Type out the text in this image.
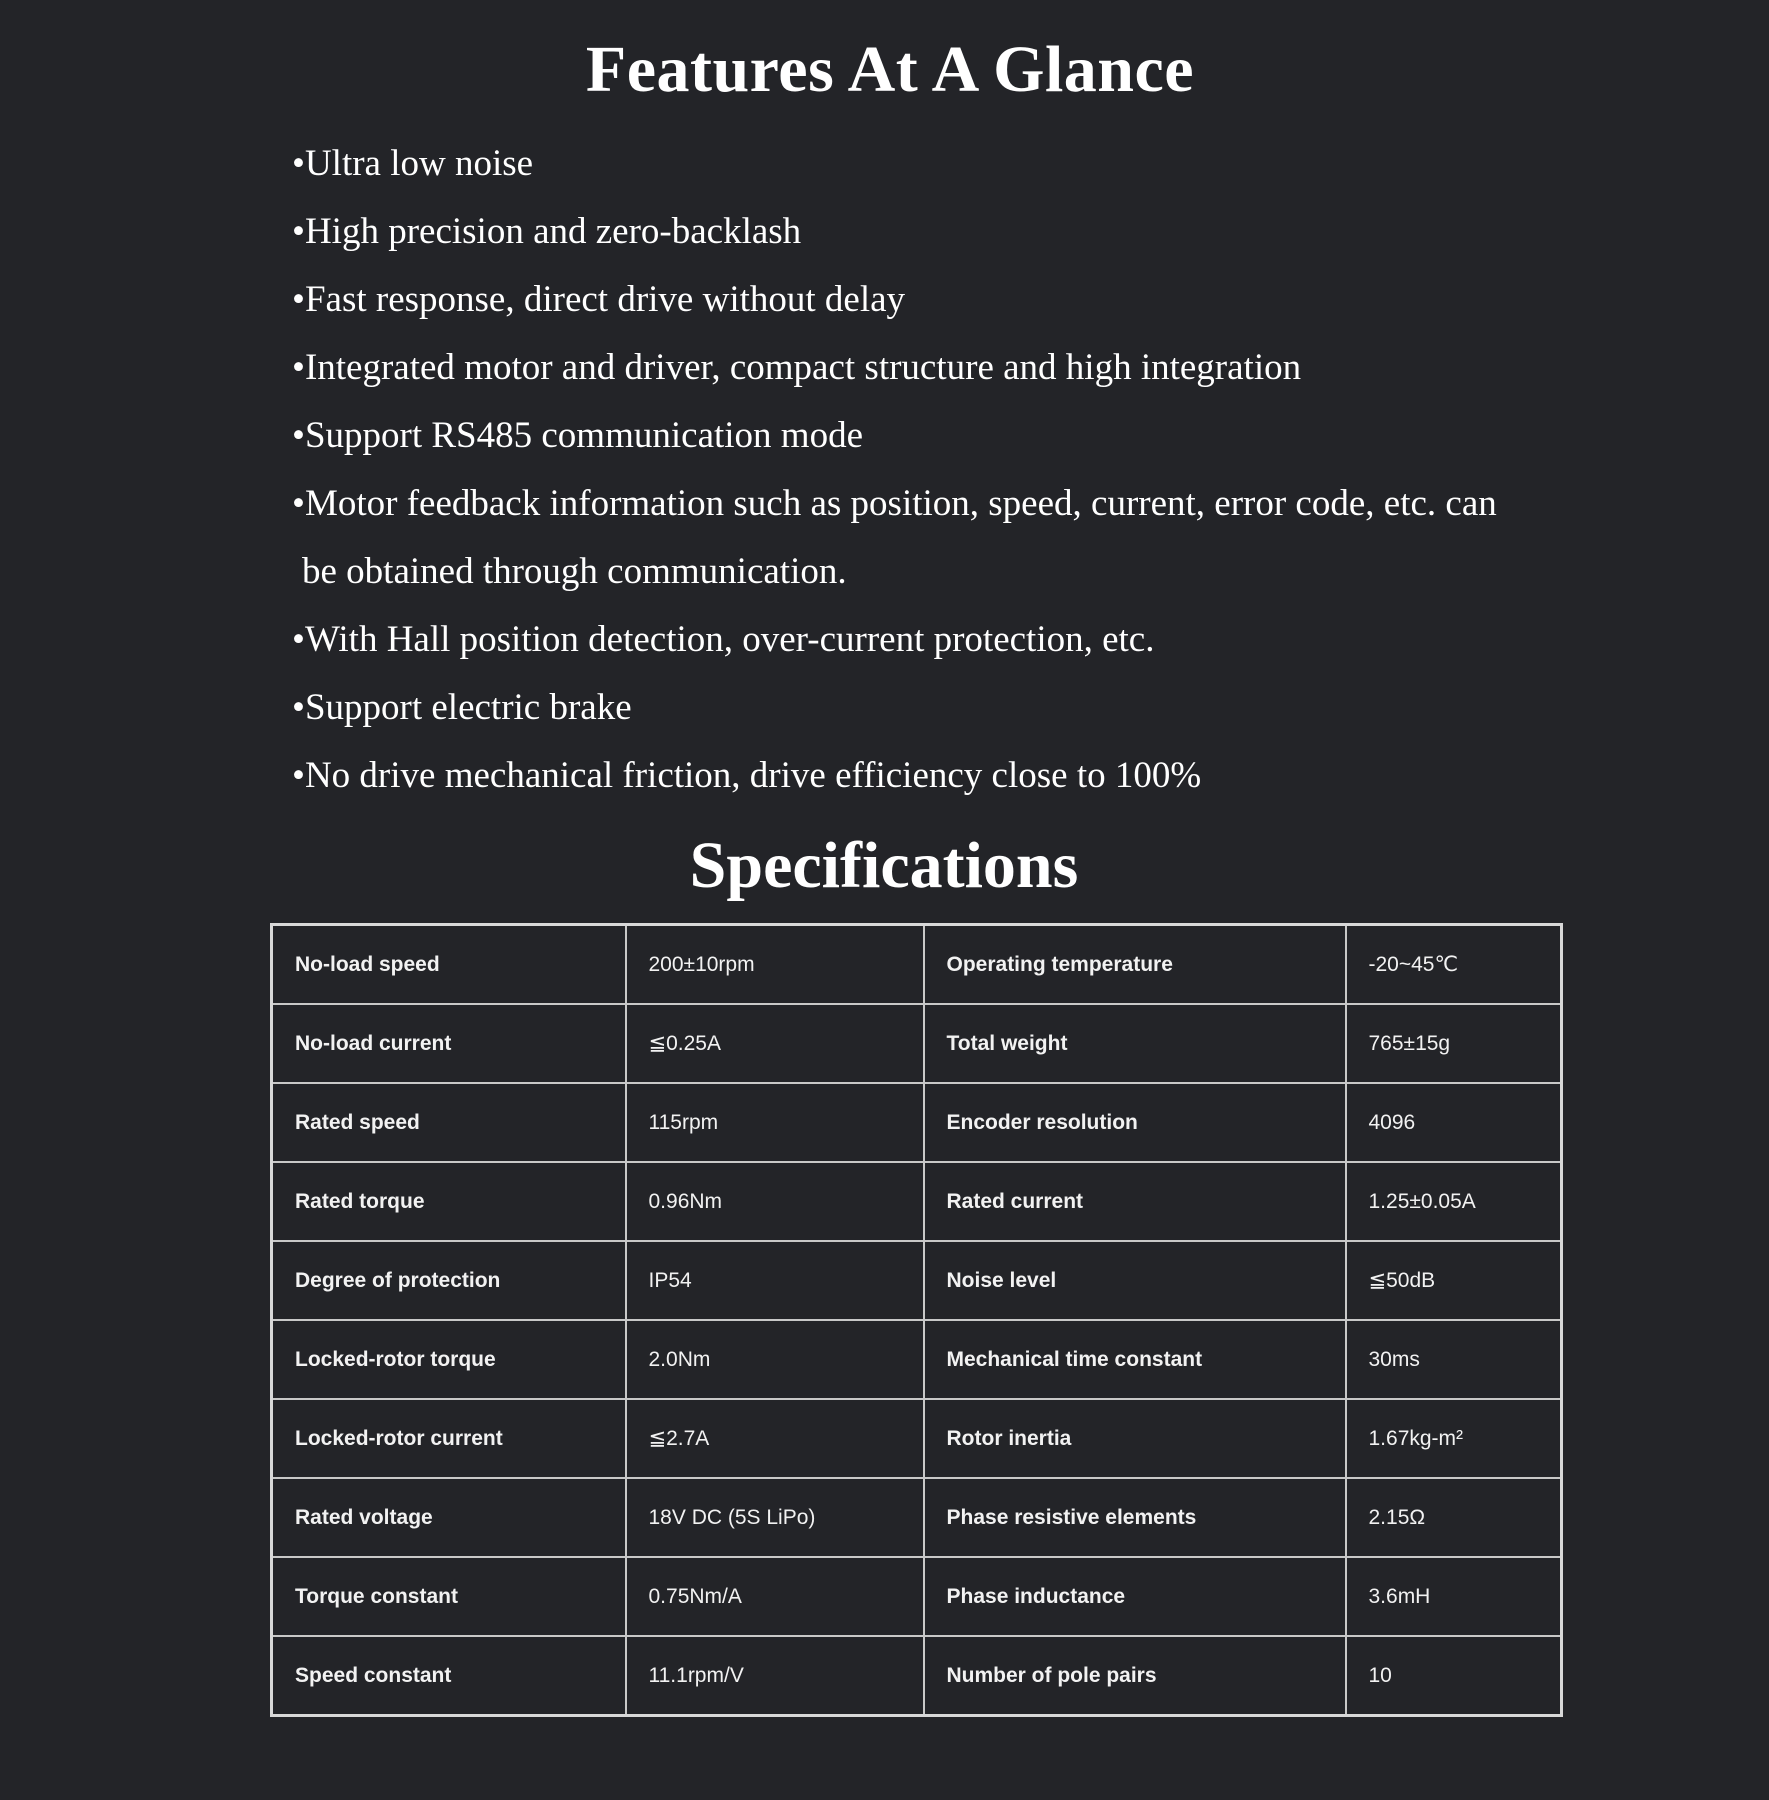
Features At A Glance
•Ultra low noise
•High precision and zero-backlash
•Fast response, direct drive without delay
•Integrated motor and driver, compact structure and high integration
•Support RS485 communication mode
•Motor feedback information such as position, speed, current, error code, etc. can
be obtained through communication.
•With Hall position detection, over-current protection, etc.
•Support electric brake
•No drive mechanical friction, drive efficiency close to 100%
Specifications
No-load speed	200±10rpm	Operating temperature	-20~45℃
No-load current	≦0.25A	Total weight	765±15g
Rated speed	115rpm	Encoder resolution	4096
Rated torque	0.96Nm	Rated current	1.25±0.05A
Degree of protection	IP54	Noise level	≦50dB
Locked-rotor torque	2.0Nm	Mechanical time constant	30ms
Locked-rotor current	≦2.7A	Rotor inertia	1.67kg-m²
Rated voltage	18V DC (5S LiPo)	Phase resistive elements	2.15Ω
Torque constant	0.75Nm/A	Phase inductance	3.6mH
Speed constant	11.1rpm/V	Number of pole pairs	10
